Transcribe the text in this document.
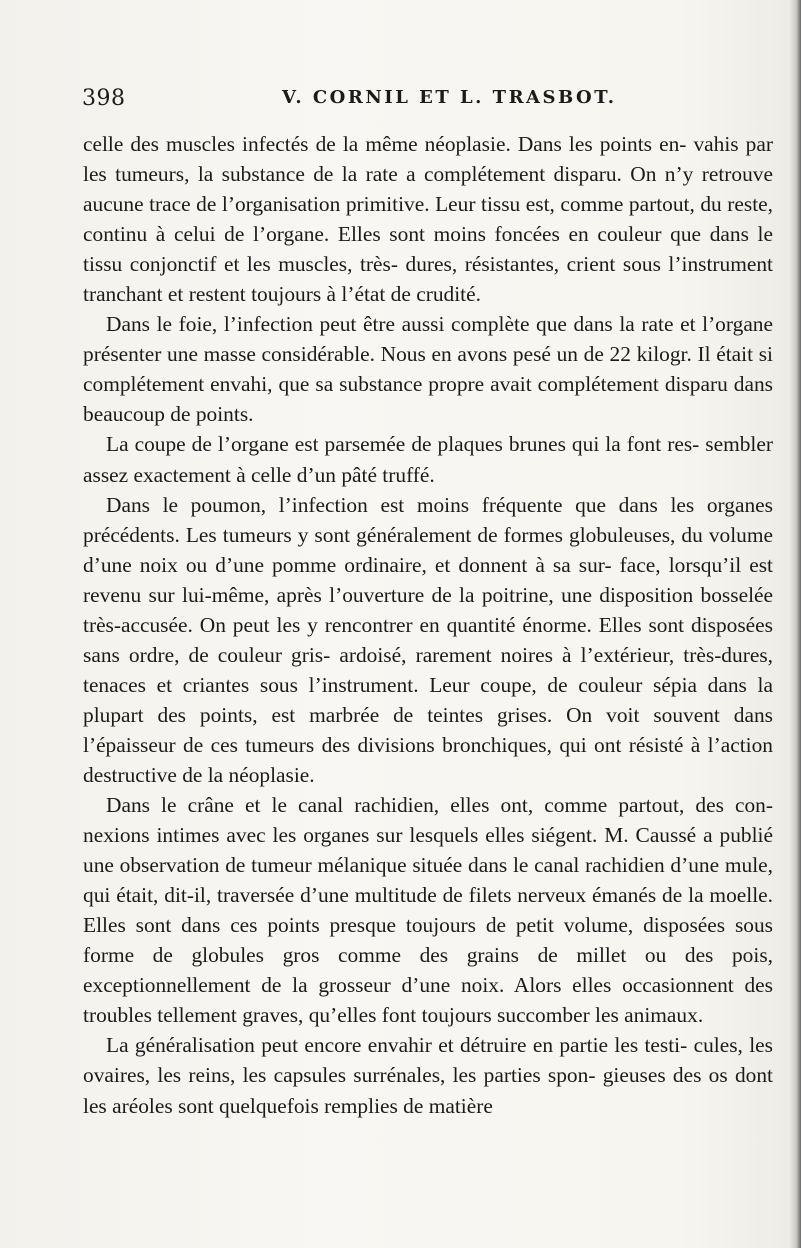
398	V. CORNIL ET L. TRASBOT.

celle des muscles infectés de la même néoplasie. Dans les points en- vahis par les tumeurs, la substance de la rate a complétement disparu. On n’y retrouve aucune trace de l’organisation primitive. Leur tissu est, comme partout, du reste, continu à celui de l’organe. Elles sont moins foncées en couleur que dans le tissu conjonctif et les muscles, très- dures, résistantes, crient sous l’instrument tranchant et restent toujours à l’état de crudité.

Dans le foie, l’infection peut être aussi complète que dans la rate et l’organe présenter une masse considérable. Nous en avons pesé un de 22 kilogr. Il était si complétement envahi, que sa substance propre avait complétement disparu dans beaucoup de points.

La coupe de l’organe est parsemée de plaques brunes qui la font res- sembler assez exactement à celle d’un pâté truffé.

Dans le poumon, l’infection est moins fréquente que dans les organes précédents. Les tumeurs y sont généralement de formes globuleuses, du volume d’une noix ou d’une pomme ordinaire, et donnent à sa sur- face, lorsqu’il est revenu sur lui-même, après l’ouverture de la poitrine, une disposition bosselée très-accusée. On peut les y rencontrer en quantité énorme. Elles sont disposées sans ordre, de couleur gris- ardoisé, rarement noires à l’extérieur, très-dures, tenaces et criantes sous l’instrument. Leur coupe, de couleur sépia dans la plupart des points, est marbrée de teintes grises. On voit souvent dans l’épaisseur de ces tumeurs des divisions bronchiques, qui ont résisté à l’action destructive de la néoplasie.

Dans le crâne et le canal rachidien, elles ont, comme partout, des con- nexions intimes avec les organes sur lesquels elles siégent. M. Caussé a publié une observation de tumeur mélanique située dans le canal rachidien d’une mule, qui était, dit-il, traversée d’une multitude de filets nerveux émanés de la moelle. Elles sont dans ces points presque toujours de petit volume, disposées sous forme de globules gros comme des grains de millet ou des pois, exceptionnellement de la grosseur d’une noix. Alors elles occasionnent des troubles tellement graves, qu’elles font toujours succomber les animaux.

La généralisation peut encore envahir et détruire en partie les testi- cules, les ovaires, les reins, les capsules surrénales, les parties spon- gieuses des os dont les aréoles sont quelquefois remplies de matière
